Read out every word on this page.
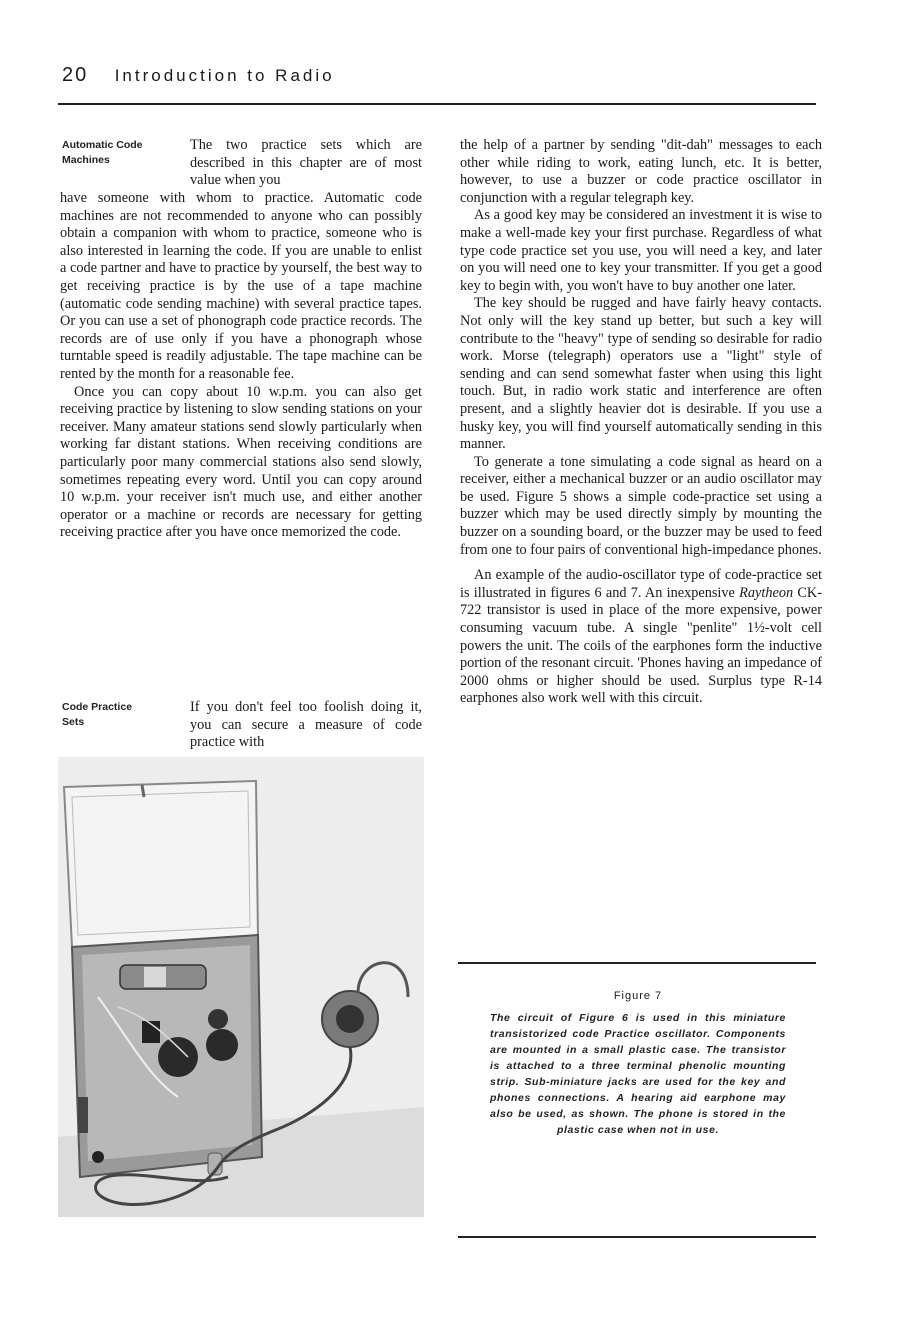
20 Introduction to Radio
Automatic Code
Machines
The two practice sets which are described in this chapter are of most value when you

have someone with whom to practice. Automatic code machines are not recommended to anyone who can possibly obtain a companion with whom to practice, someone who is also interested in learning the code. If you are unable to enlist a code partner and have to practice by yourself, the best way to get receiving practice is by the use of a tape machine (automatic code sending machine) with several practice tapes. Or you can use a set of phonograph code practice records. The records are of use only if you have a phonograph whose turntable speed is readily adjustable. The tape machine can be rented by the month for a reasonable fee.

Once you can copy about 10 w.p.m. you can also get receiving practice by listening to slow sending stations on your receiver. Many amateur stations send slowly particularly when working far distant stations. When receiving conditions are particularly poor many commercial stations also send slowly, sometimes repeating every word. Until you can copy around 10 w.p.m. your receiver isn't much use, and either another operator or a machine or records are necessary for getting receiving practice after you have once memorized the code.

Code Practice
Sets
If you don't feel too foolish doing it, you can secure a measure of code practice with

the help of a partner by sending "dit-dah" messages to each other while riding to work, eating lunch, etc. It is better, however, to use a buzzer or code practice oscillator in conjunction with a regular telegraph key.

As a good key may be considered an investment it is wise to make a well-made key your first purchase. Regardless of what type code practice set you use, you will need a key, and later on you will need one to key your transmitter. If you get a good key to begin with, you won't have to buy another one later.

The key should be rugged and have fairly heavy contacts. Not only will the key stand up better, but such a key will contribute to the "heavy" type of sending so desirable for radio work. Morse (telegraph) operators use a "light" style of sending and can send somewhat faster when using this light touch. But, in radio work static and interference are often present, and a slightly heavier dot is desirable. If you use a husky key, you will find yourself automatically sending in this manner.

To generate a tone simulating a code signal as heard on a receiver, either a mechanical buzzer or an audio oscillator may be used. Figure 5 shows a simple code-practice set using a buzzer which may be used directly simply by mounting the buzzer on a sounding board, or the buzzer may be used to feed from one to four pairs of conventional high-impedance phones.

An example of the audio-oscillator type of code-practice set is illustrated in figures 6 and 7. An inexpensive Raytheon CK-722 transistor is used in place of the more expensive, power consuming vacuum tube. A single "penlite" 1½-volt cell powers the unit. The coils of the earphones form the inductive portion of the resonant circuit. 'Phones having an impedance of 2000 ohms or higher should be used. Surplus type R-14 earphones also work well with this circuit.

Figure 7
The circuit of Figure 6 is used in this miniature transistorized code Practice oscillator. Components are mounted in a small plastic case. The transistor is attached to a three terminal phenolic mounting strip. Sub-miniature jacks are used for the key and phones connections. A hearing aid earphone may also be used, as shown. The phone is stored in the plastic case when not in use.
